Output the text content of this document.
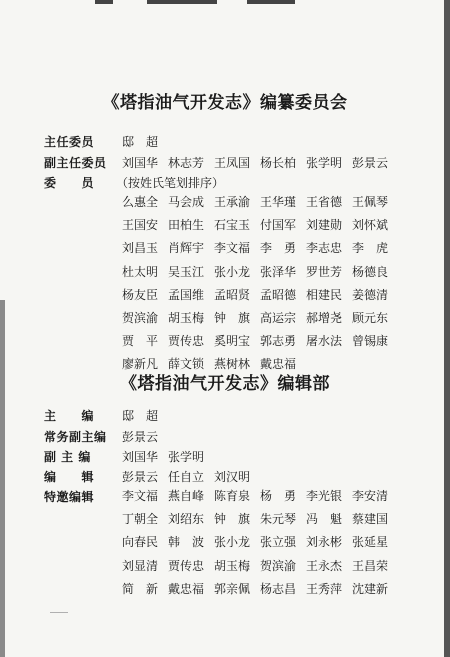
《塔指油气开发志》编纂委员会
主任委员 邸　超
副主任委员 刘国华 林志芳 王凤国 杨长柏 张学明 彭景云
委　　员 （按姓氏笔划排序）
么惠全 马会成 王承渝 王华瑾 王省德 王佩琴
王国安 田柏生 石宝玉 付国军 刘建勋 刘怀斌
刘昌玉 肖辉宇 李文福 李　勇 李志忠 李　虎
杜太明 吴玉江 张小龙 张泽华 罗世芳 杨德良
杨友臣 孟国维 孟昭贤 孟昭德 相建民 姜德清
贺滨渝 胡玉梅 钟　旗 高运宗 郝增尧 顾元东
贾　平 贾传忠 奚明宝 郭志勇 屠水法 曾锡康
廖新凡 薛文锁 燕树林 戴忠福
《塔指油气开发志》编辑部
主　　编 邸　超
常务副主编 彭景云
副 主 编	刘国华 张学明
编　　辑 彭景云 任自立 刘汉明
特邀编辑 李文福 燕自峰 陈育泉 杨　勇 李光银 李安清
丁朝全 刘绍东 钟　旗 朱元琴 冯　魁 蔡建国
向春民 韩　波 张小龙 张立强 刘永彬 张延星
刘显清 贾传忠 胡玉梅 贺滨渝 王永杰 王昌荣
简　新 戴忠福 郭亲佩 杨志昌 王秀萍 沈建新
